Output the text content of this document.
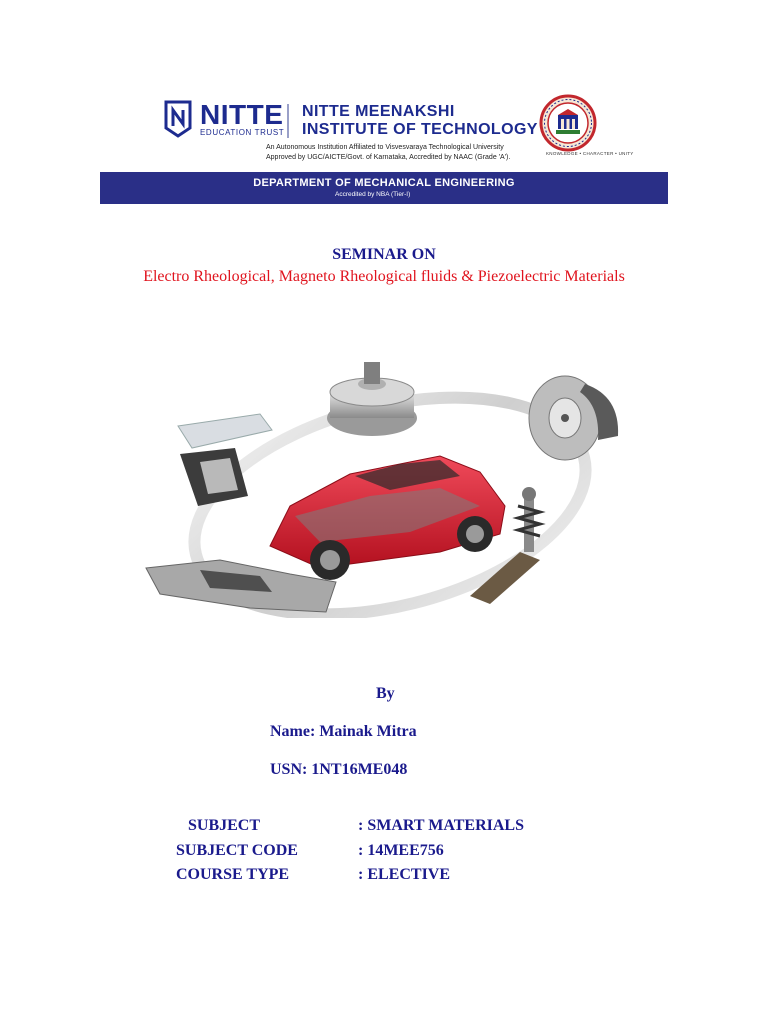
NITTE
EDUCATION TRUST
NITTE MEENAKSHI
INSTITUTE OF TECHNOLOGY
An Autonomous Institution Affiliated to Visvesvaraya Technological University
Approved by UGC/AICTE/Govt. of Karnataka, Accredited by NAAC (Grade 'A').
KNOWLEDGE • CHARACTER • UNITY
DEPARTMENT OF MECHANICAL ENGINEERING
Accredited by NBA (Tier-I)
SEMINAR ON
Electro Rheological, Magneto Rheological fluids & Piezoelectric Materials
By
Name: Mainak Mitra
USN: 1NT16ME048
SUBJECT	: SMART MATERIALS
SUBJECT CODE	: 14MEE756
COURSE TYPE	: ELECTIVE
